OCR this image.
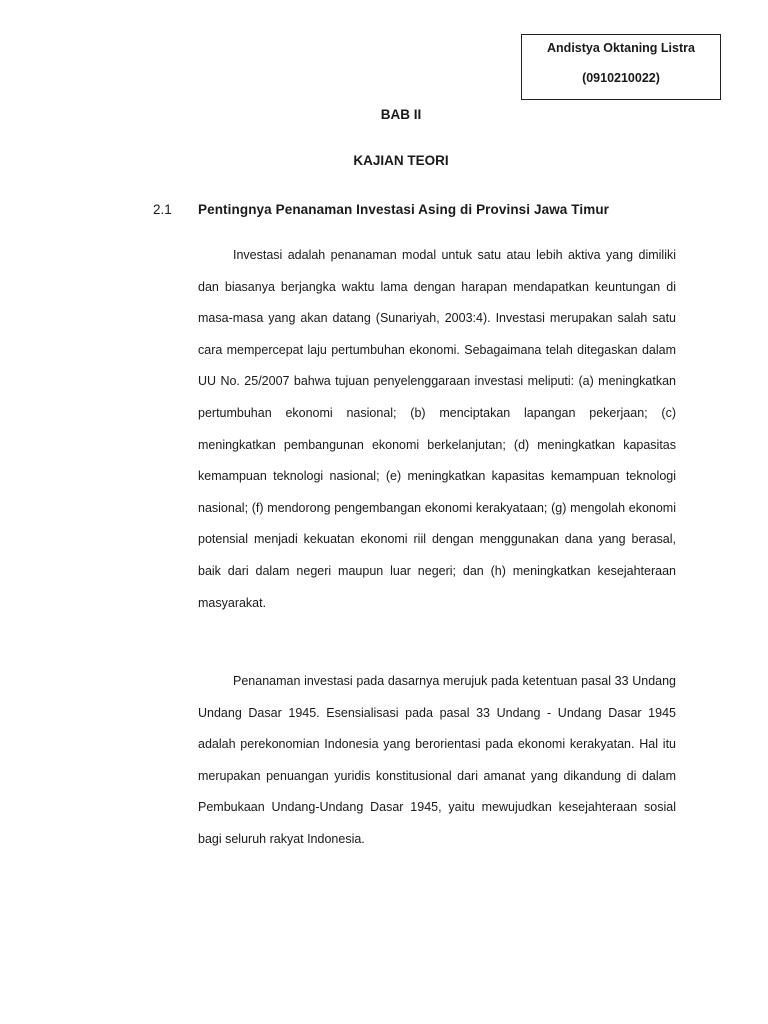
Andistya Oktaning Listra
(0910210022)
BAB II
KAJIAN TEORI
2.1 Pentingnya Penanaman Investasi Asing di Provinsi Jawa Timur

Investasi adalah penanaman modal untuk satu atau lebih aktiva yang dimiliki dan biasanya berjangka waktu lama dengan harapan mendapatkan keuntungan di masa-masa yang akan datang (Sunariyah, 2003:4). Investasi merupakan salah satu cara mempercepat laju pertumbuhan ekonomi. Sebagaimana telah ditegaskan dalam UU No. 25/2007 bahwa tujuan penyelenggaraan investasi meliputi: (a) meningkatkan pertumbuhan ekonomi nasional; (b) menciptakan lapangan pekerjaan; (c) meningkatkan pembangunan ekonomi berkelanjutan; (d) meningkatkan kapasitas kemampuan teknologi nasional; (e) meningkatkan kapasitas kemampuan teknologi nasional; (f) mendorong pengembangan ekonomi kerakyataan; (g) mengolah ekonomi potensial menjadi kekuatan ekonomi riil dengan menggunakan dana yang berasal, baik dari dalam negeri maupun luar negeri; dan (h) meningkatkan kesejahteraan masyarakat.

Penanaman investasi pada dasarnya merujuk pada ketentuan pasal 33 Undang Undang Dasar 1945. Esensialisasi pada pasal 33 Undang - Undang Dasar 1945 adalah perekonomian Indonesia yang berorientasi pada ekonomi kerakyatan. Hal itu merupakan penuangan yuridis konstitusional dari amanat yang dikandung di dalam Pembukaan Undang-Undang Dasar 1945, yaitu mewujudkan kesejahteraan sosial bagi seluruh rakyat Indonesia.
